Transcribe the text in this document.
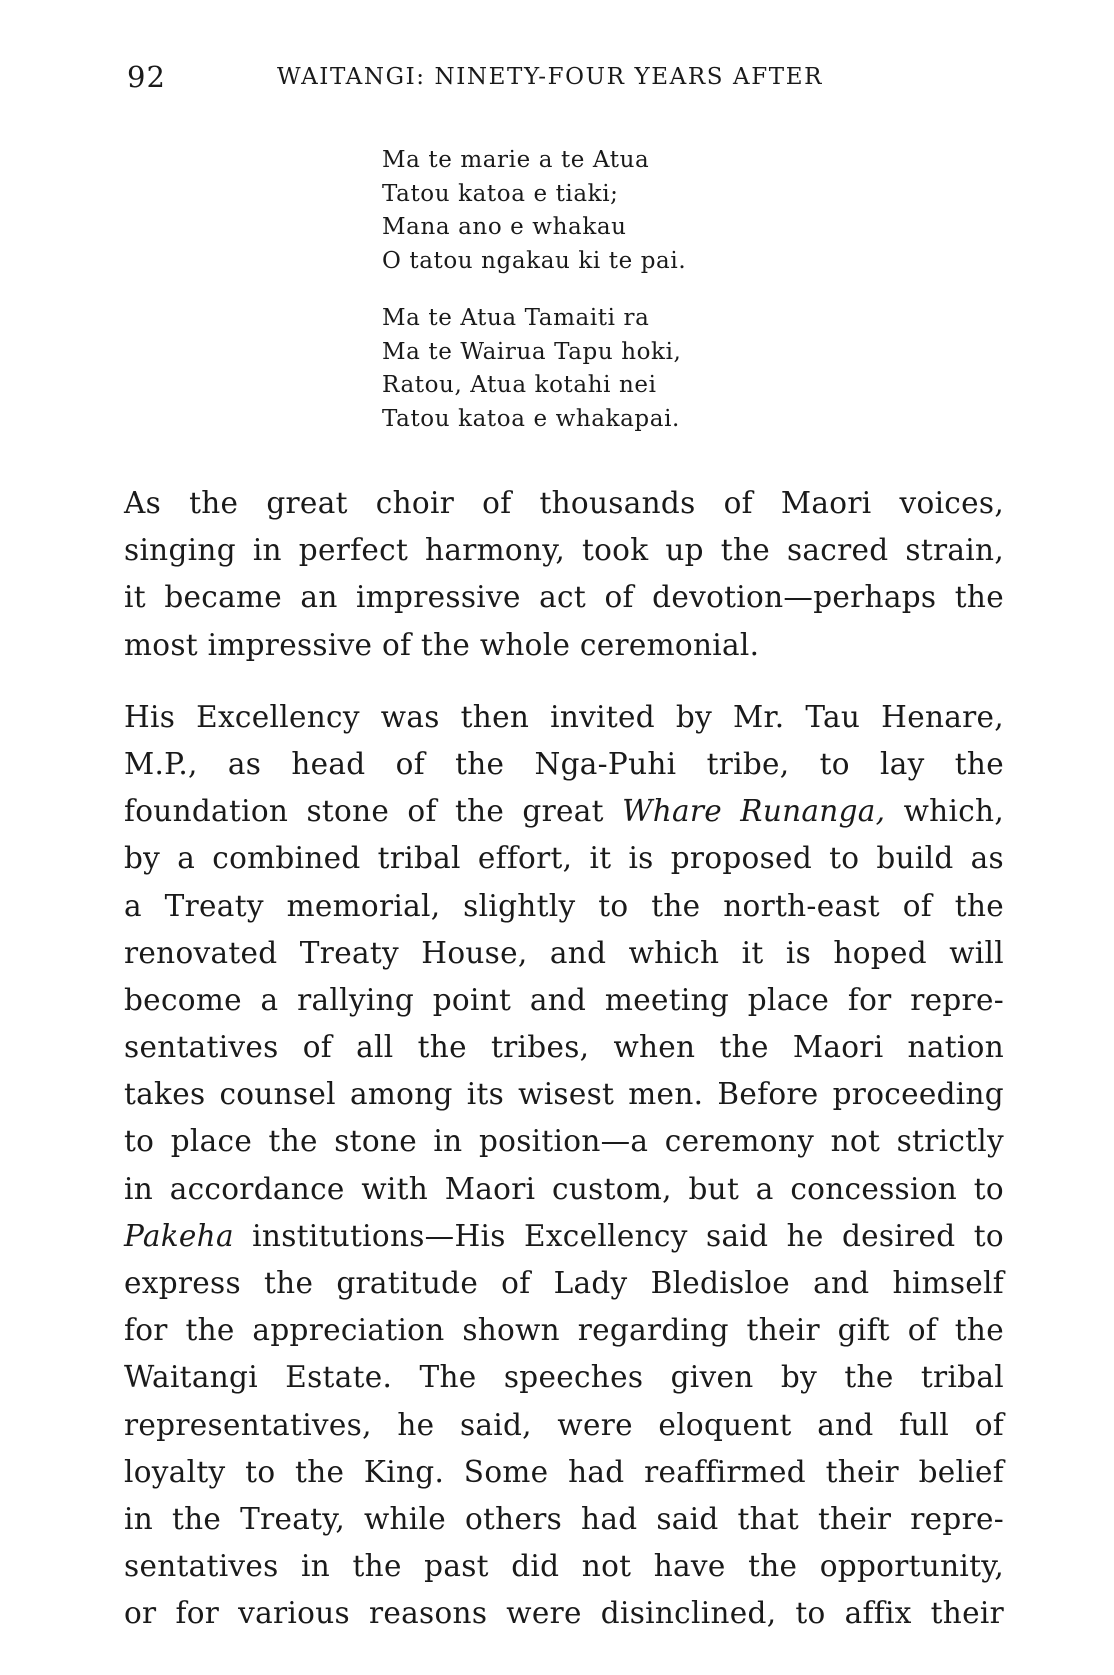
92	WAITANGI: NINETY-FOUR YEARS AFTER
Ma te marie a te Atua
Tatou katoa e tiaki;
Mana ano e whakau
O tatou ngakau ki te pai.
Ma te Atua Tamaiti ra
Ma te Wairua Tapu hoki,
Ratou, Atua kotahi nei
Tatou katoa e whakapai.
As the great choir of thousands of Maori voices,
singing in perfect harmony, took up the sacred strain,
it became an impressive act of devotion—perhaps the
most impressive of the whole ceremonial.
His Excellency was then invited by Mr. Tau Henare,
M.P., as head of the Nga-Puhi tribe, to lay the
foundation stone of the great Whare Runanga, which,
by a combined tribal effort, it is proposed to build as
a Treaty memorial, slightly to the north-east of the
renovated Treaty House, and which it is hoped will
become a rallying point and meeting place for repre-
sentatives of all the tribes, when the Maori nation
takes counsel among its wisest men. Before proceeding
to place the stone in position—a ceremony not strictly
in accordance with Maori custom, but a concession to
Pakeha institutions—His Excellency said he desired to
express the gratitude of Lady Bledisloe and himself
for the appreciation shown regarding their gift of the
Waitangi Estate. The speeches given by the tribal
representatives, he said, were eloquent and full of
loyalty to the King. Some had reaffirmed their belief
in the Treaty, while others had said that their repre-
sentatives in the past did not have the opportunity,
or for various reasons were disinclined, to affix their
